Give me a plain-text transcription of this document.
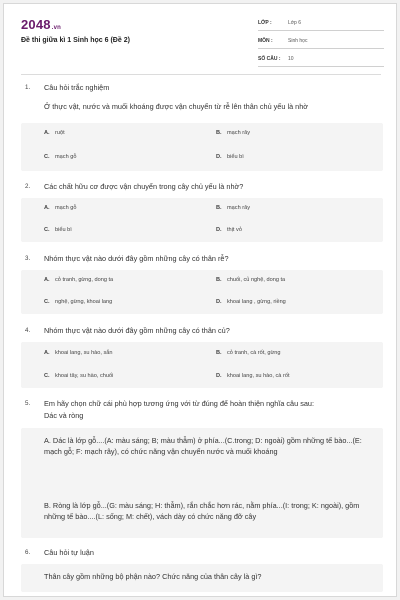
2048.vn
Đề thi giữa kì 1 Sinh học 6 (Đề 2)
LỚP :	Lớp 6
MÔN :	Sinh học
SỐ CÂU : 10
1. Câu hỏi trắc nghiệm
Ở thực vật, nước và muối khoáng được vận chuyển từ rễ lên thân chủ yếu là nhờ
A. ruột	B. mạch rây
C. mạch gỗ	D. biểu bì
2. Các chất hữu cơ được vận chuyển trong cây chủ yếu là nhờ?
A. mạch gỗ	B. mạch rây
C. biểu bì	D. thịt vỏ
3. Nhóm thực vật nào dưới đây gồm những cây có thân rễ?
A. cỏ tranh, gừng, dong ta	B. chuối, củ nghệ, dong ta
C. nghệ, gừng, khoai lang	D. khoai lang , gừng, riềng
4. Nhóm thực vật nào dưới đây gồm những cây có thân củ?
A. khoai lang, su hào, sắn	B. cỏ tranh, cà rốt, gừng
C. khoai tây, su hào, chuối	D. khoai lang, su hào, cà rốt
5. Em hãy chọn chữ cái phù hợp tương ứng với từ đúng để hoàn thiện nghĩa câu sau:
Dác và ròng
A. Dác là lớp gỗ....(A: màu sáng; B; màu thẫm) ở phía...(C.trong; D: ngoài) gồm những tế bào...(E: mạch gỗ; F: mạch rây), có chức năng vận chuyển nước và muối khoáng
B. Ròng là lớp gỗ...(G: màu sáng; H: thẫm), rắn chắc hơn rác, nằm phía...(I: trong; K: ngoài), gồm những tế bào....(L: sống; M: chết), vách dày có chức năng đỡ cây
6. Câu hỏi tự luận
Thân cây gồm những bộ phận nào? Chức năng của thân cây là gì?
